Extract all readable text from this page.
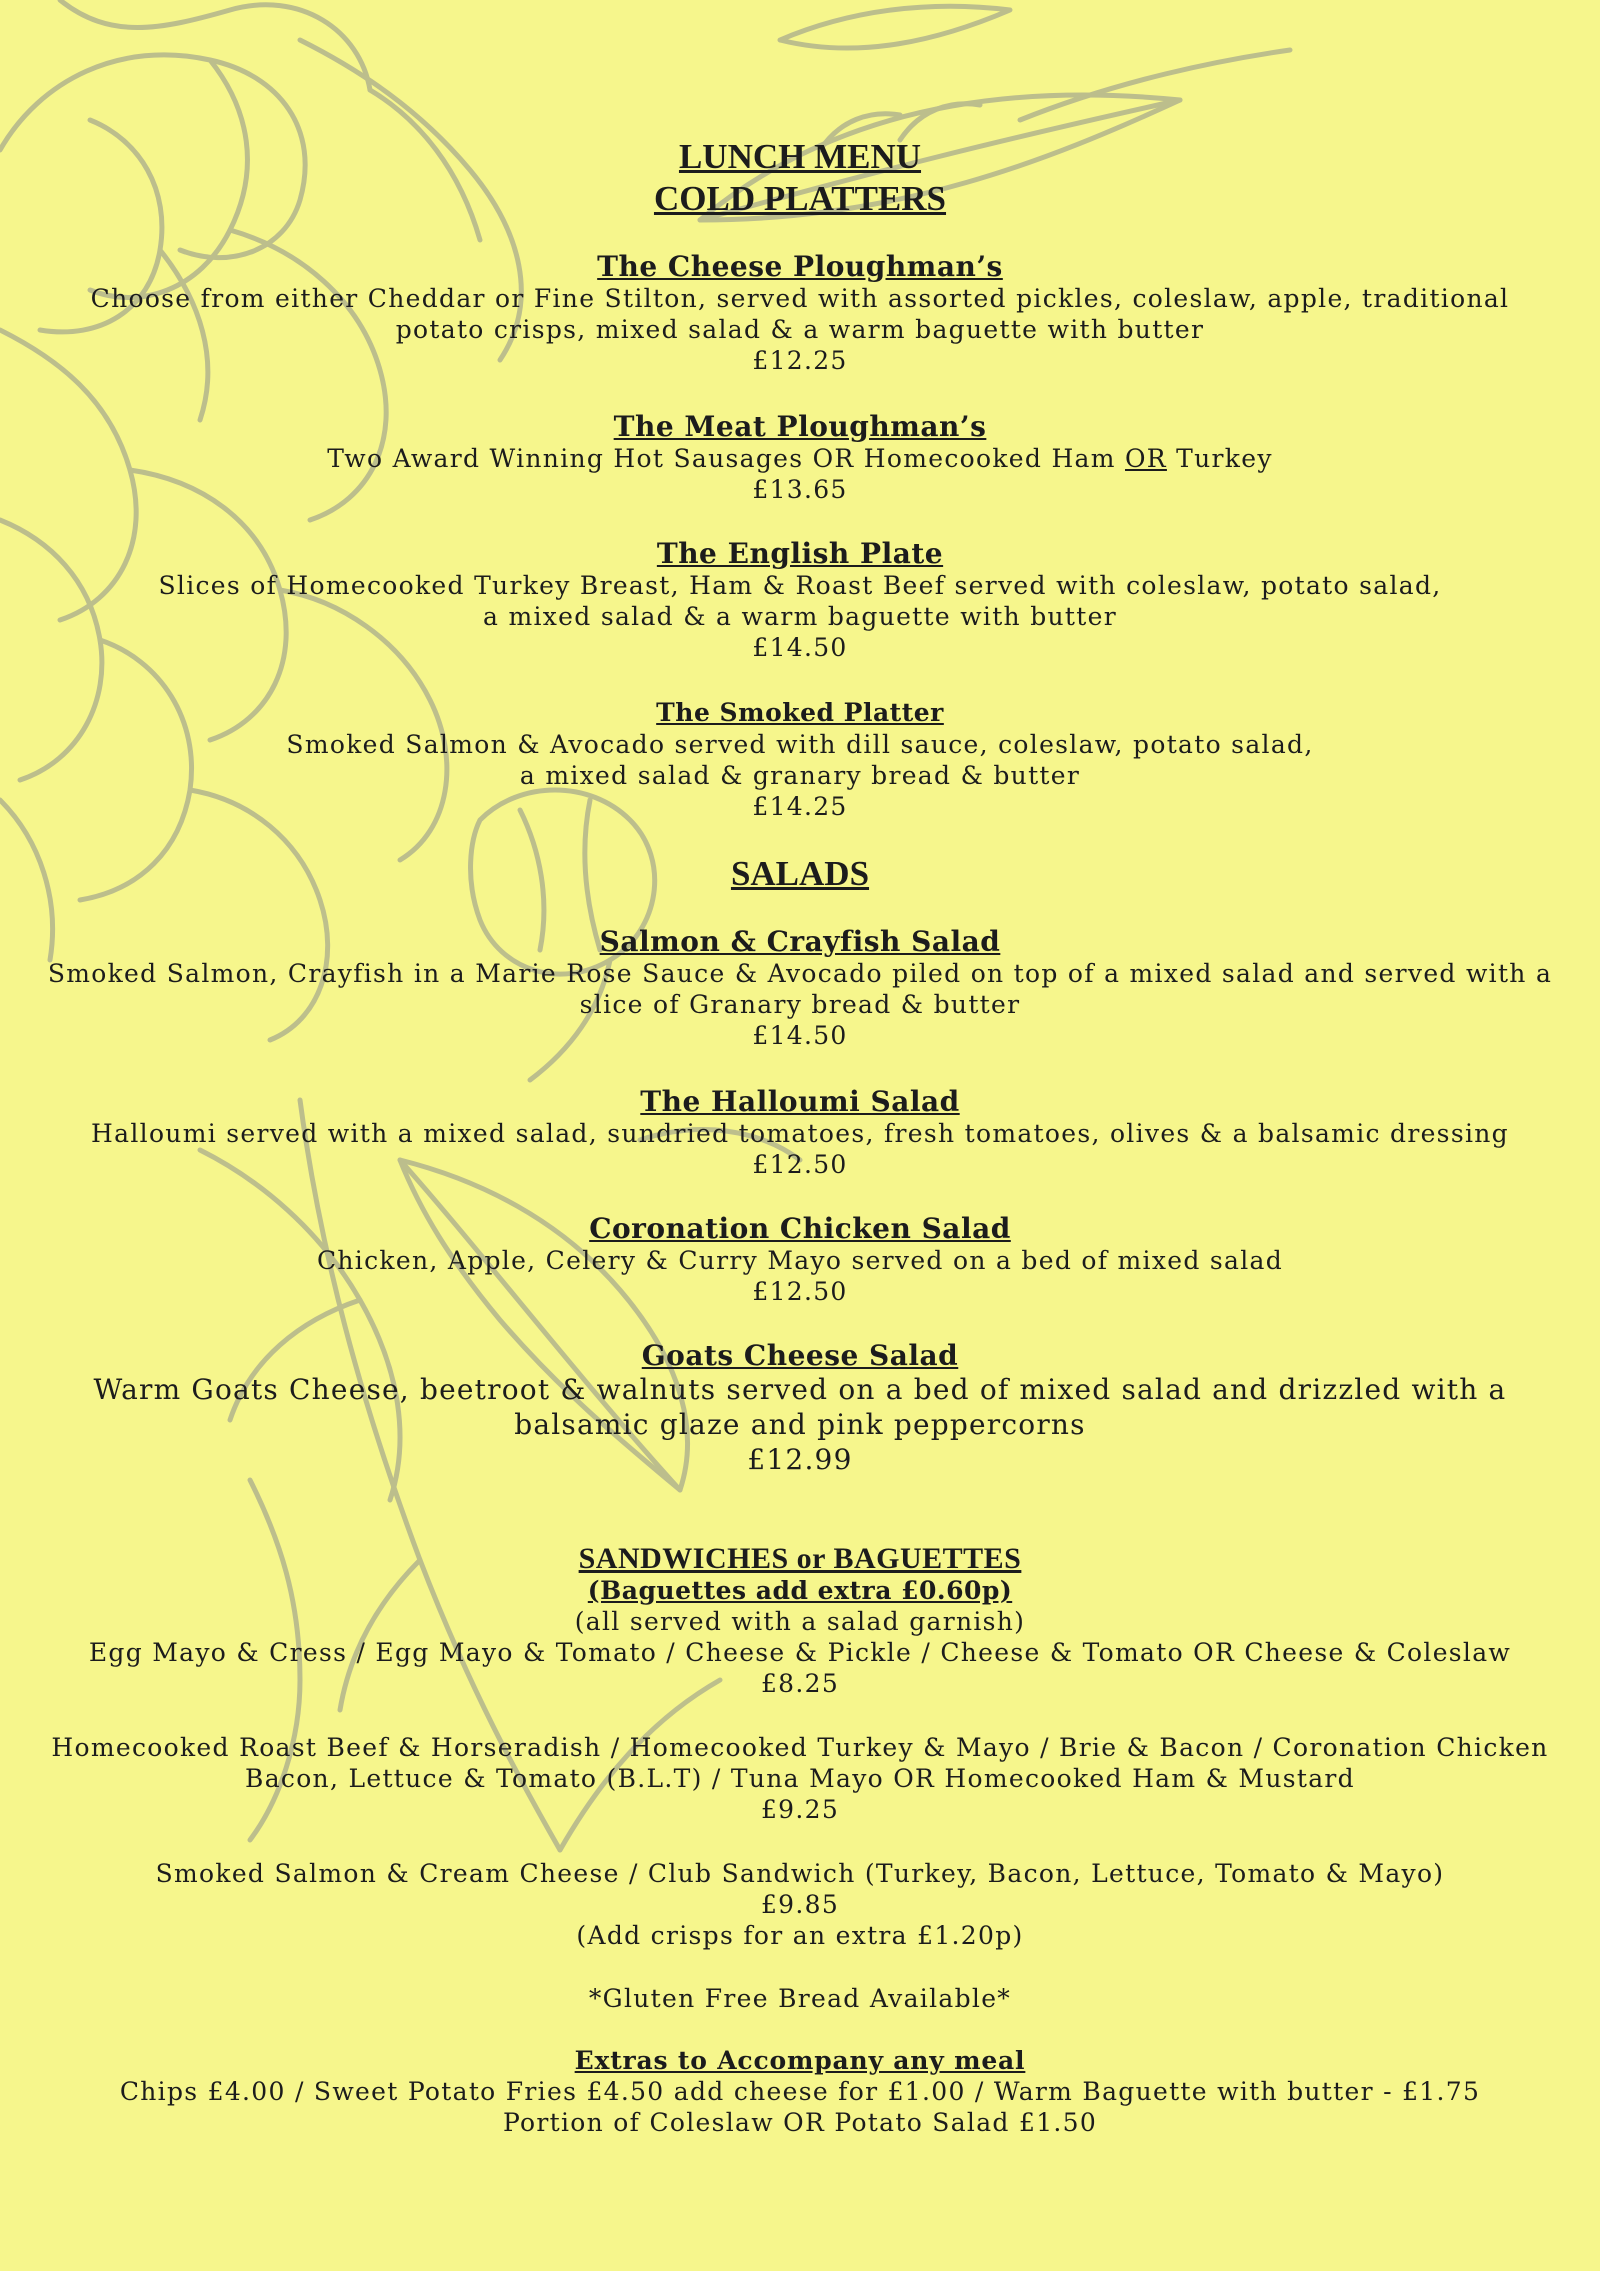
LUNCH MENU
COLD PLATTERS
The Cheese Ploughman’s

Choose from either Cheddar or Fine Stilton, served with assorted pickles, coleslaw, apple, traditional

potato crisps, mixed salad & a warm baguette with butter

£12.25

The Meat Ploughman’s

Two Award Winning Hot Sausages OR Homecooked Ham OR Turkey

£13.65

The English Plate

Slices of Homecooked Turkey Breast, Ham & Roast Beef served with coleslaw, potato salad,

a mixed salad & a warm baguette with butter

£14.50

The Smoked Platter

Smoked Salmon & Avocado served with dill sauce, coleslaw, potato salad,

a mixed salad & granary bread & butter

£14.25

SALADS
Salmon & Crayfish Salad

Smoked Salmon, Crayfish in a Marie Rose Sauce & Avocado piled on top of a mixed salad and served with a

slice of Granary bread & butter

£14.50

The Halloumi Salad

Halloumi served with a mixed salad, sundried tomatoes, fresh tomatoes, olives & a balsamic dressing

£12.50

Coronation Chicken Salad

Chicken, Apple, Celery & Curry Mayo served on a bed of mixed salad

£12.50

Goats Cheese Salad

Warm Goats Cheese, beetroot & walnuts served on a bed of mixed salad and drizzled with a

balsamic glaze and pink peppercorns

£12.99

SANDWICHES or BAGUETTES

(Baguettes add extra £0.60p)

(all served with a salad garnish)

Egg Mayo & Cress / Egg Mayo & Tomato / Cheese & Pickle / Cheese & Tomato OR Cheese & Coleslaw

£8.25

Homecooked Roast Beef & Horseradish / Homecooked Turkey & Mayo / Brie & Bacon / Coronation Chicken

Bacon, Lettuce & Tomato (B.L.T) / Tuna Mayo OR Homecooked Ham & Mustard

£9.25

Smoked Salmon & Cream Cheese / Club Sandwich (Turkey, Bacon, Lettuce, Tomato & Mayo)

£9.85

(Add crisps for an extra £1.20p)

*Gluten Free Bread Available*

Extras to Accompany any meal

Chips £4.00 / Sweet Potato Fries £4.50 add cheese for £1.00 / Warm Baguette with butter - £1.75

Portion of Coleslaw OR Potato Salad £1.50
